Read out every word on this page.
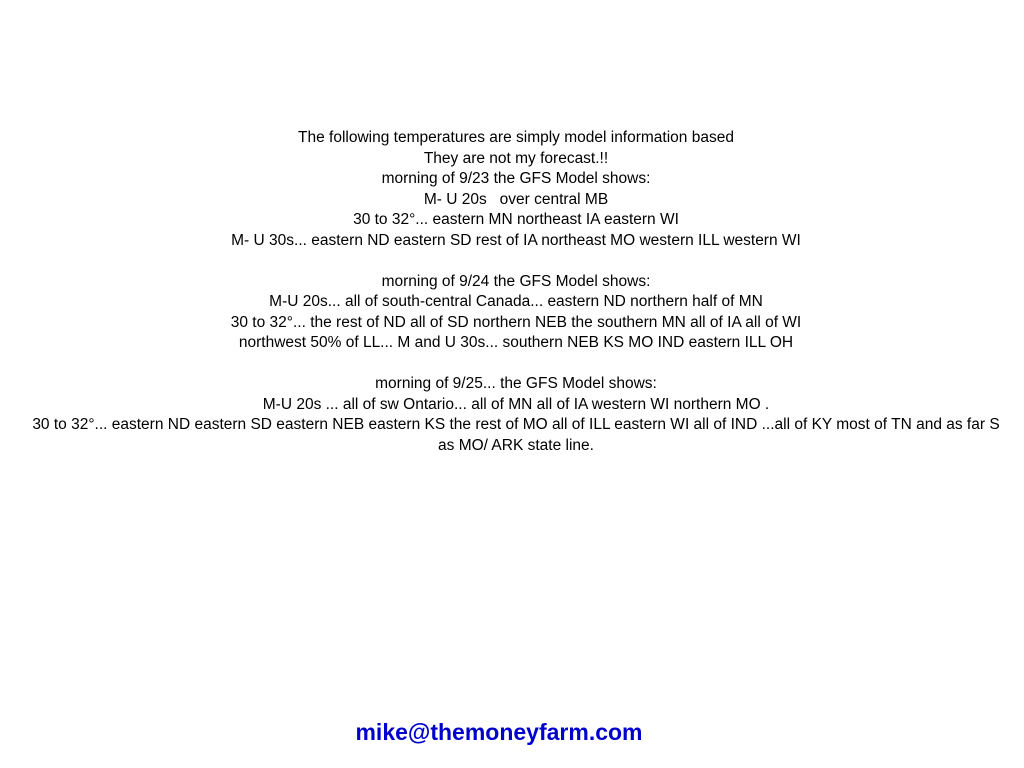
The following temperatures are simply model information based
They are not my forecast.!!
morning of 9/23 the GFS Model shows:
M- U 20s   over central MB
30 to 32°... eastern MN northeast IA eastern WI
M- U 30s... eastern ND eastern SD rest of IA northeast MO western ILL western WI
morning of 9/24 the GFS Model shows:
M-U 20s... all of south-central Canada... eastern ND northern half of MN
30 to 32°... the rest of ND all of SD northern NEB the southern MN all of IA all of WI
northwest 50% of LL... M and U 30s... southern NEB KS MO IND eastern ILL OH
morning of 9/25... the GFS Model shows:
M-U 20s ... all of sw Ontario... all of MN all of IA western WI northern MO .
30 to 32°... eastern ND eastern SD eastern NEB eastern KS the rest of MO all of ILL eastern WI all of IND ...all of KY most of TN and as far S as MO/ ARK state line.
mike@themoneyfarm.com
